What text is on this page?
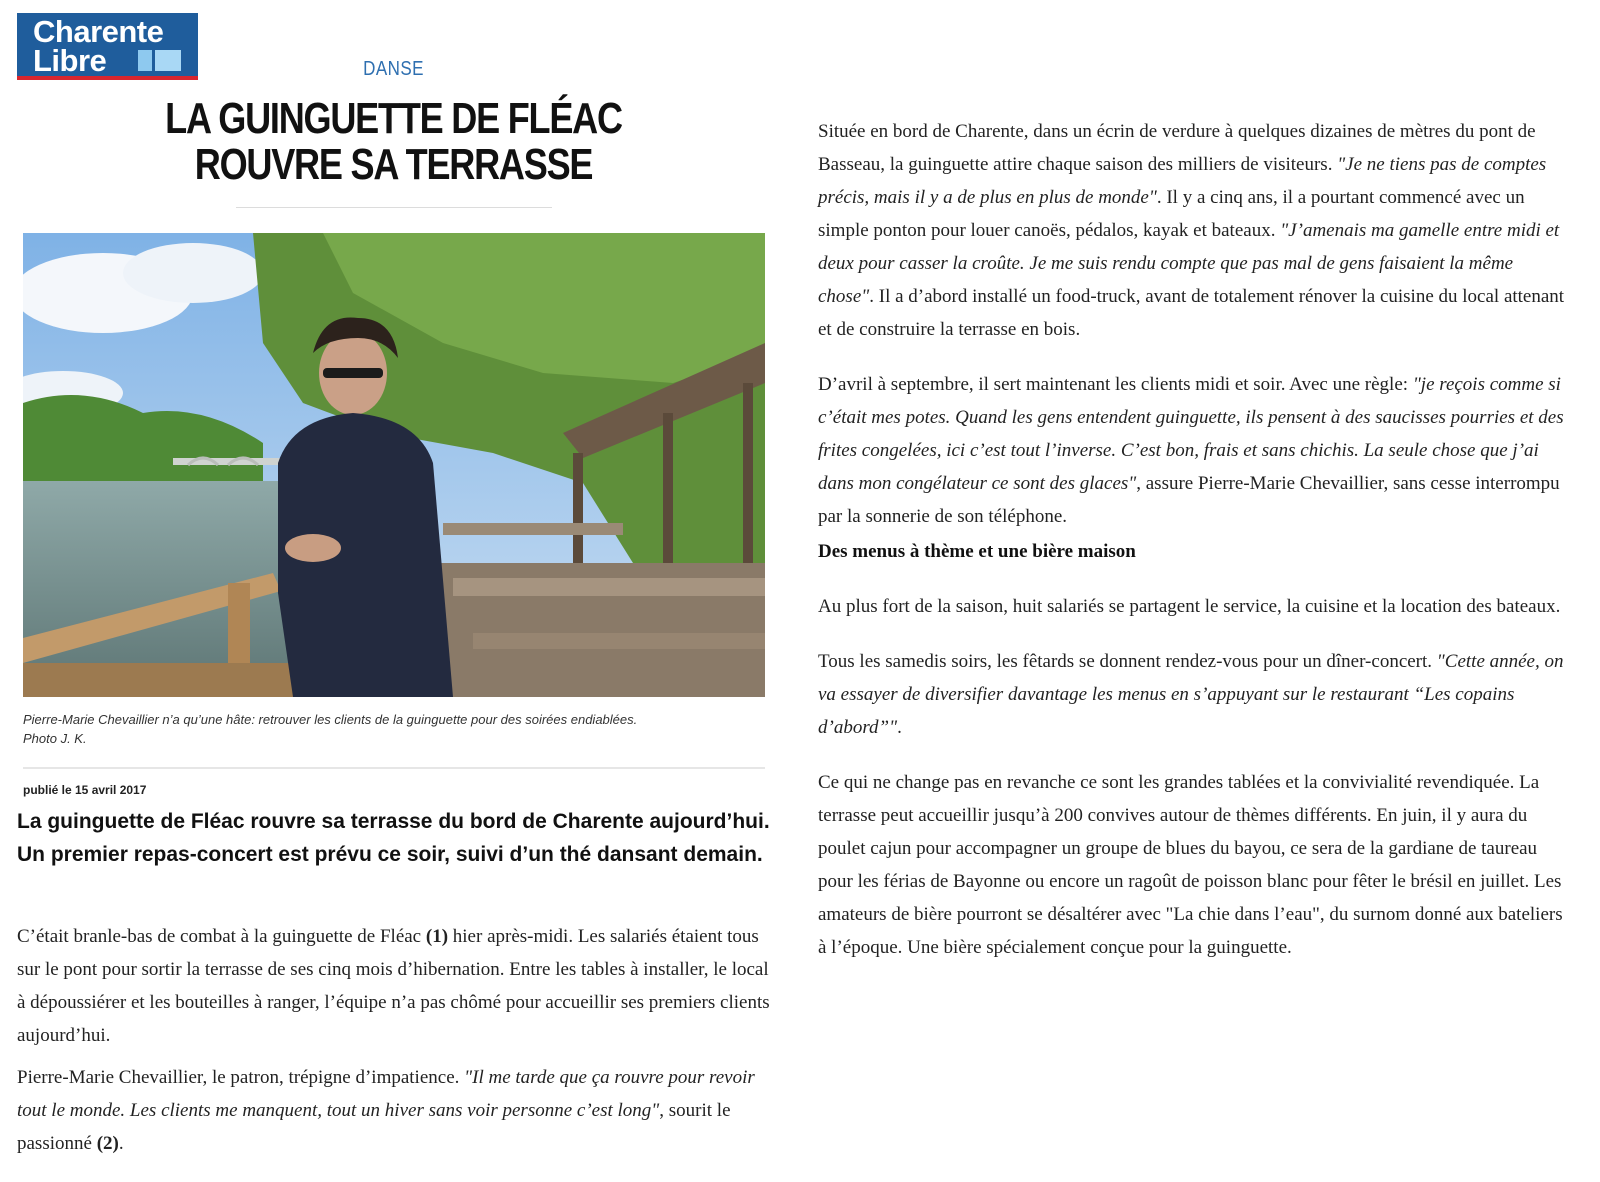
Charente
Libre	DANSE
LA GUINGUETTE DE FLÉAC ROUVRE SA TERRASSE
Pierre-Marie Chevaillier n’a qu’une hâte: retrouver les clients de la guinguette pour des soirées endiablées.
Photo J. K.
publié le 15 avril 2017

La guinguette de Fléac rouvre sa terrasse du bord de Charente aujourd’hui. Un premier repas-concert est prévu ce soir, suivi d’un thé dansant demain.

C’était branle-bas de combat à la guinguette de Fléac (1) hier après-midi. Les salariés étaient tous sur le pont pour sortir la terrasse de ses cinq mois d’hibernation. Entre les tables à installer, le local à dépoussiérer et les bouteilles à ranger, l’équipe n’a pas chômé pour accueillir ses premiers clients aujourd’hui.

Pierre-Marie Chevaillier, le patron, trépigne d’impatience. "Il me tarde que ça rouvre pour revoir tout le monde. Les clients me manquent, tout un hiver sans voir personne c’est long", sourit le passionné (2).

Située en bord de Charente, dans un écrin de verdure à quelques dizaines de mètres du pont de Basseau, la guinguette attire chaque saison des milliers de visiteurs. "Je ne tiens pas de comptes précis, mais il y a de plus en plus de monde". Il y a cinq ans, il a pourtant commencé avec un simple ponton pour louer canoës, pédalos, kayak et bateaux. "J’amenais ma gamelle entre midi et deux pour casser la croûte. Je me suis rendu compte que pas mal de gens faisaient la même chose". Il a d’abord installé un food-truck, avant de totalement rénover la cuisine du local attenant et de construire la terrasse en bois.

D’avril à septembre, il sert maintenant les clients midi et soir. Avec une règle: "je reçois comme si c’était mes potes. Quand les gens entendent guinguette, ils pensent à des saucisses pourries et des frites congelées, ici c’est tout l’inverse. C’est bon, frais et sans chichis. La seule chose que j’ai dans mon congélateur ce sont des glaces", assure Pierre-Marie Chevaillier, sans cesse interrompu par la sonnerie de son téléphone.

Des menus à thème et une bière maison

Au plus fort de la saison, huit salariés se partagent le service, la cuisine et la location des bateaux.

Tous les samedis soirs, les fêtards se donnent rendez-vous pour un dîner-concert. "Cette année, on va essayer de diversifier davantage les menus en s’appuyant sur le restaurant “Les copains d’abord”".

Ce qui ne change pas en revanche ce sont les grandes tablées et la convivialité revendiquée. La terrasse peut accueillir jusqu’à 200 convives autour de thèmes différents. En juin, il y aura du poulet cajun pour accompagner un groupe de blues du bayou, ce sera de la gardiane de taureau pour les férias de Bayonne ou encore un ragoût de poisson blanc pour fêter le brésil en juillet. Les amateurs de bière pourront se désaltérer avec "La chie dans l’eau", du surnom donné aux bateliers à l’époque. Une bière spécialement conçue pour la guinguette.
